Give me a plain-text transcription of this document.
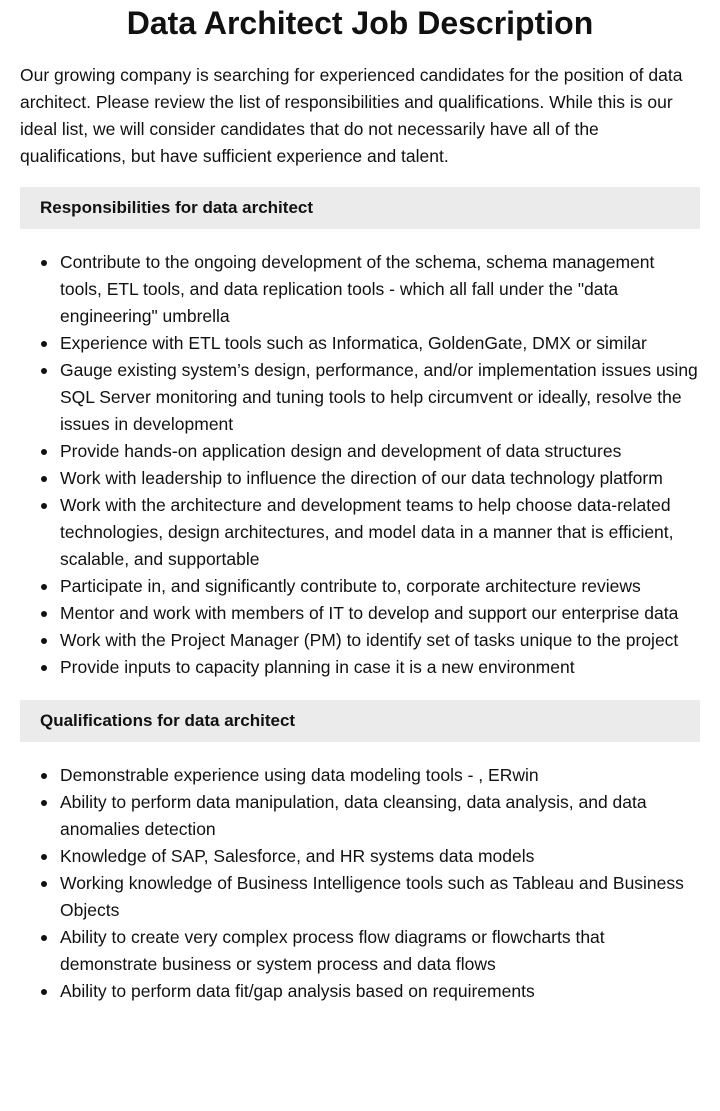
Data Architect Job Description

Our growing company is searching for experienced candidates for the position of data architect. Please review the list of responsibilities and qualifications. While this is our ideal list, we will consider candidates that do not necessarily have all of the qualifications, but have sufficient experience and talent.

Responsibilities for data architect
Contribute to the ongoing development of the schema, schema management tools, ETL tools, and data replication tools - which all fall under the "data engineering" umbrella
Experience with ETL tools such as Informatica, GoldenGate, DMX or similar
Gauge existing system’s design, performance, and/or implementation issues using SQL Server monitoring and tuning tools to help circumvent or ideally, resolve the issues in development
Provide hands-on application design and development of data structures
Work with leadership to influence the direction of our data technology platform
Work with the architecture and development teams to help choose data-related technologies, design architectures, and model data in a manner that is efficient, scalable, and supportable
Participate in, and significantly contribute to, corporate architecture reviews
Mentor and work with members of IT to develop and support our enterprise data
Work with the Project Manager (PM) to identify set of tasks unique to the project
Provide inputs to capacity planning in case it is a new environment
Qualifications for data architect
Demonstrable experience using data modeling tools - , ERwin
Ability to perform data manipulation, data cleansing, data analysis, and data anomalies detection
Knowledge of SAP, Salesforce, and HR systems data models
Working knowledge of Business Intelligence tools such as Tableau and Business Objects
Ability to create very complex process flow diagrams or flowcharts that demonstrate business or system process and data flows
Ability to perform data fit/gap analysis based on requirements
